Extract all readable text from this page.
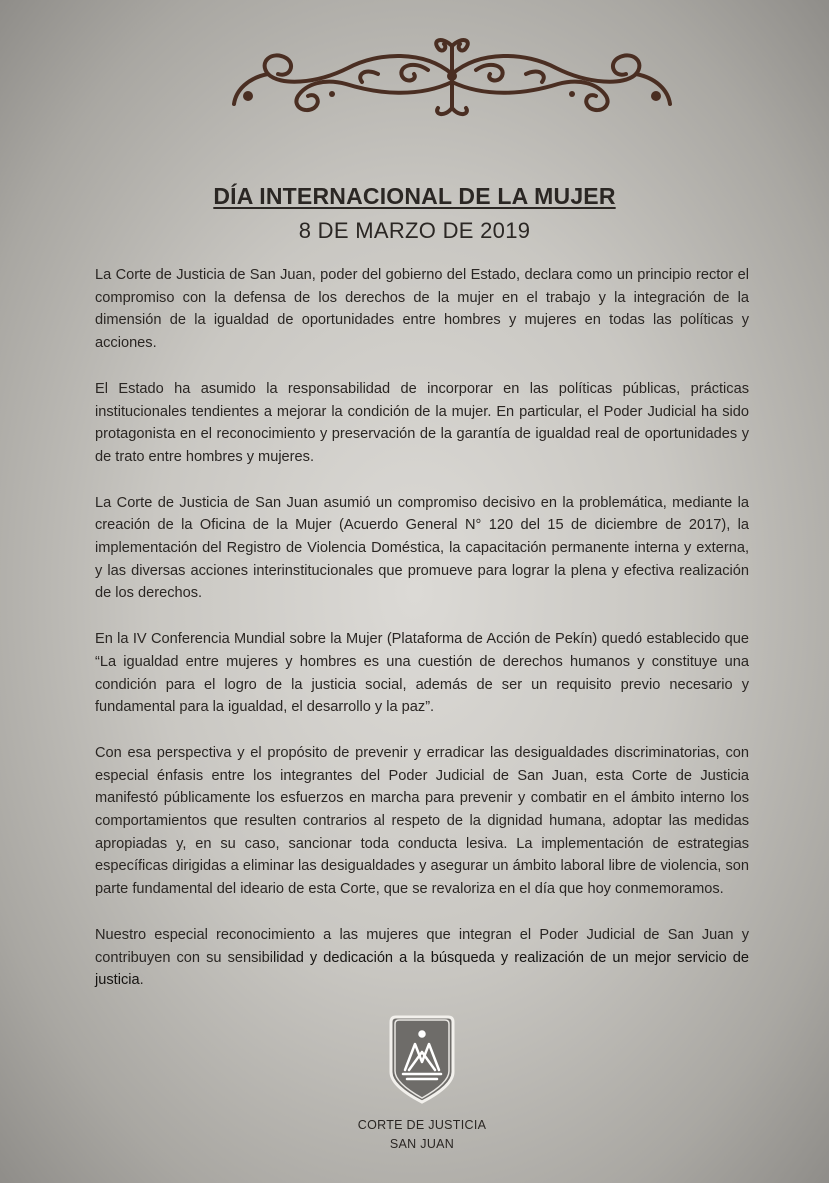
DÍA INTERNACIONAL DE LA MUJER
8 DE MARZO DE 2019

La Corte de Justicia de San Juan, poder del gobierno del Estado, declara como un principio rector el compromiso con la defensa de los derechos de la mujer en el trabajo y la integración de la dimensión de la igualdad de oportunidades entre hombres y mujeres en todas las políticas y acciones.

El Estado ha asumido la responsabilidad de incorporar en las políticas públicas, prácticas institucionales tendientes a mejorar la condición de la mujer. En particular, el Poder Judicial ha sido protagonista en el reconocimiento y preservación de la garantía de igualdad real de oportunidades y de trato entre hombres y mujeres.

La Corte de Justicia de San Juan asumió un compromiso decisivo en la problemática, mediante la creación de la Oficina de la Mujer (Acuerdo General N° 120 del 15 de diciembre de 2017), la implementación del Registro de Violencia Doméstica, la capacitación permanente interna y externa, y las diversas acciones interinstitucionales que promueve para lograr la plena y efectiva realización de los derechos.

En la IV Conferencia Mundial sobre la Mujer (Plataforma de Acción de Pekín) quedó establecido que “La igualdad entre mujeres y hombres es una cuestión de derechos humanos y constituye una condición para el logro de la justicia social, además de ser un requisito previo necesario y fundamental para la igualdad, el desarrollo y la paz”.

Con esa perspectiva y el propósito de prevenir y erradicar las desigualdades discriminatorias, con especial énfasis entre los integrantes del Poder Judicial de San Juan, esta Corte de Justicia manifestó públicamente los esfuerzos en marcha para prevenir y combatir en el ámbito interno los comportamientos que resulten contrarios al respeto de la dignidad humana, adoptar las medidas apropiadas y, en su caso, sancionar toda conducta lesiva. La implementación de estrategias específicas dirigidas a eliminar las desigualdades y asegurar un ámbito laboral libre de violencia, son parte fundamental del ideario de esta Corte, que se revaloriza en el día que hoy conmemoramos.

Nuestro especial reconocimiento a las mujeres que integran el Poder Judicial de San Juan y contribuyen con su sensibilidad y dedicación a la búsqueda y realización de un mejor servicio de justicia.

CORTE DE JUSTICIA
SAN JUAN
